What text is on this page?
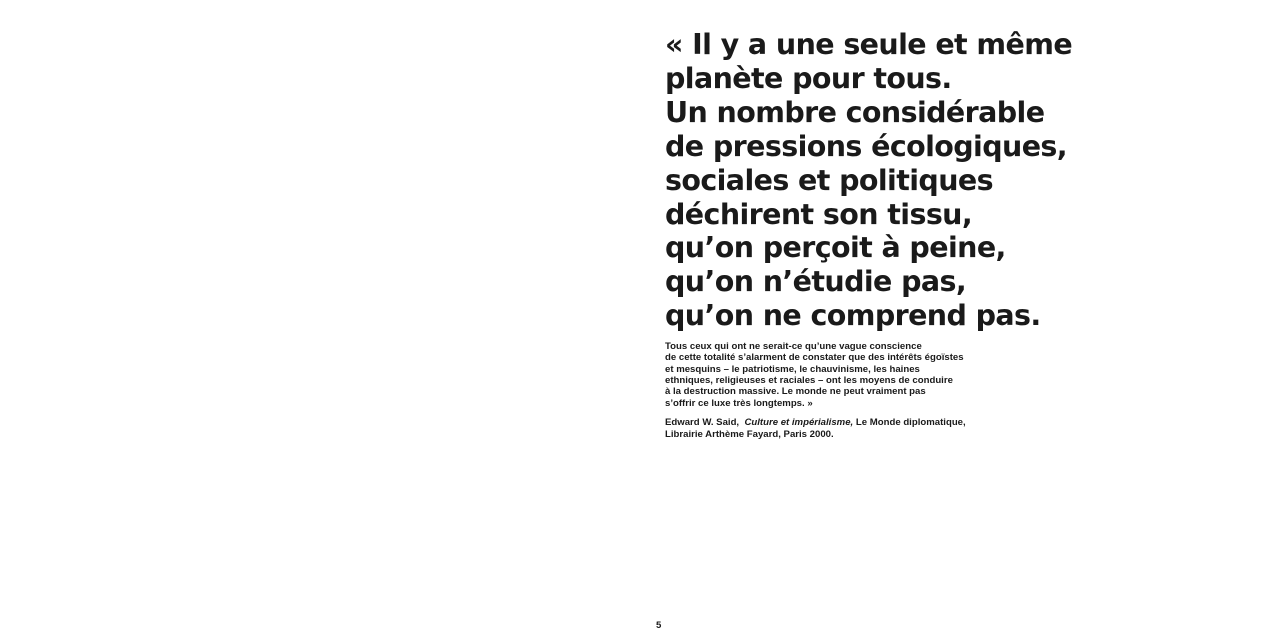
« Il y a une seule et même
planète pour tous.
Un nombre considérable
de pressions écologiques,
sociales et politiques
déchirent son tissu,
qu’on perçoit à peine,
qu’on n’étudie pas,
qu’on ne comprend pas.

Tous ceux qui ont ne serait-ce qu’une vague conscience
de cette totalité s’alarment de constater que des intérêts égoïstes
et mesquins – le patriotisme, le chauvinisme, les haines
ethniques, religieuses et raciales – ont les moyens de conduire
à la destruction massive. Le monde ne peut vraiment pas
s’offrir ce luxe très longtemps. »

Edward W. Said, Culture et impérialisme, Le Monde diplomatique,
Librairie Arthème Fayard, Paris 2000.

5
